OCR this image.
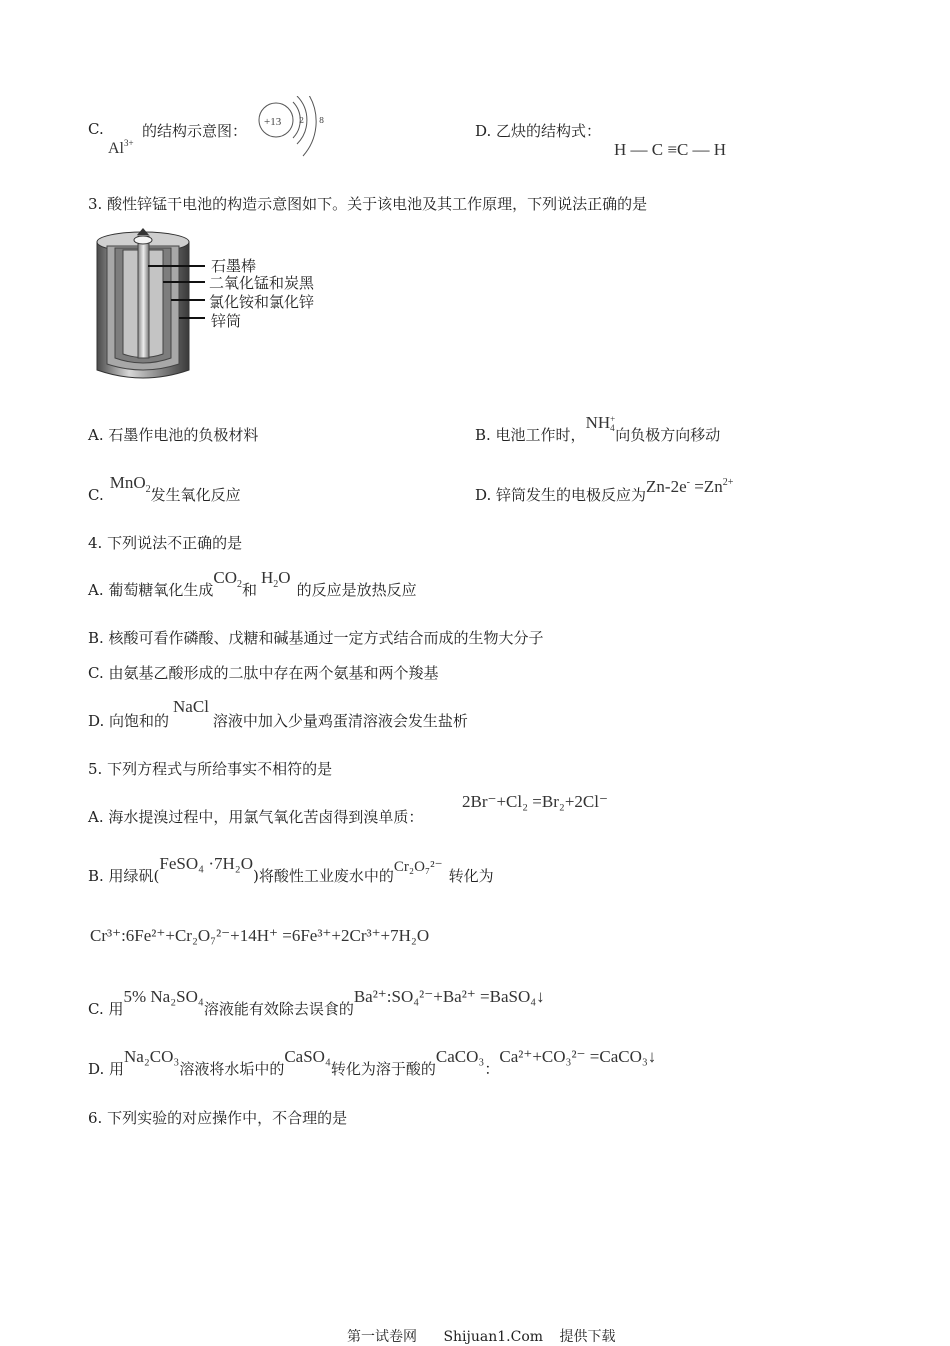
C.
$Al^{3+}$
的结构示意图： +13 2 8
D. 乙炔的结构式：
H — C ≡C — H
3. 酸性锌锰干电池的构造示意图如下。关于该电池及其工作原理，下列说法正确的是
石墨棒
二氧化锰和炭黑
氯化铵和氯化锌
锌筒
A. 石墨作电池的负极材料	B. 电池工作时，NH+
4向负极方向移动
C.MnO$_2$发生氧化反应	D. 锌筒发生的电极反应为$Zn-2e^- =Zn^{2+}$
4. 下列说法不正确的是
A. 葡萄糖氧化生成$CO_2$和$H_2O$的反应是放热反应
B. 核酸可看作磷酸、戊糖和碱基通过一定方式结合而成的生物大分子
C. 由氨基乙酸形成的二肽中存在两个氨基和两个羧基
D. 向饱和的NaCl溶液中加入少量鸡蛋清溶液会发生盐析
5. 下列方程式与所给事实不相符的是
A. 海水提溴过程中，用氯气氧化苦卤得到溴单质：
2Br⁻+Cl₂ =Br₂+2Cl⁻
B. 用绿矾(FeSO₄ ·7H₂O)将酸性工业废水中的Cr₂O₇²⁻ 转化为
Cr³⁺:6Fe²⁺+Cr₂O₇²⁻+14H⁺ =6Fe³⁺+2Cr³⁺+7H₂O
C. 用5% Na₂SO₄溶液能有效除去误食的Ba²⁺:SO₄²⁻+Ba²⁺ =BaSO₄↓
D. 用Na₂CO₃溶液将水垢中的CaSO₄转化为溶于酸的CaCO₃：Ca²⁺+CO₃²⁻ =CaCO₃↓
6. 下列实验的对应操作中，不合理的是
第一试卷网 Shijuan1.Com 提供下载
